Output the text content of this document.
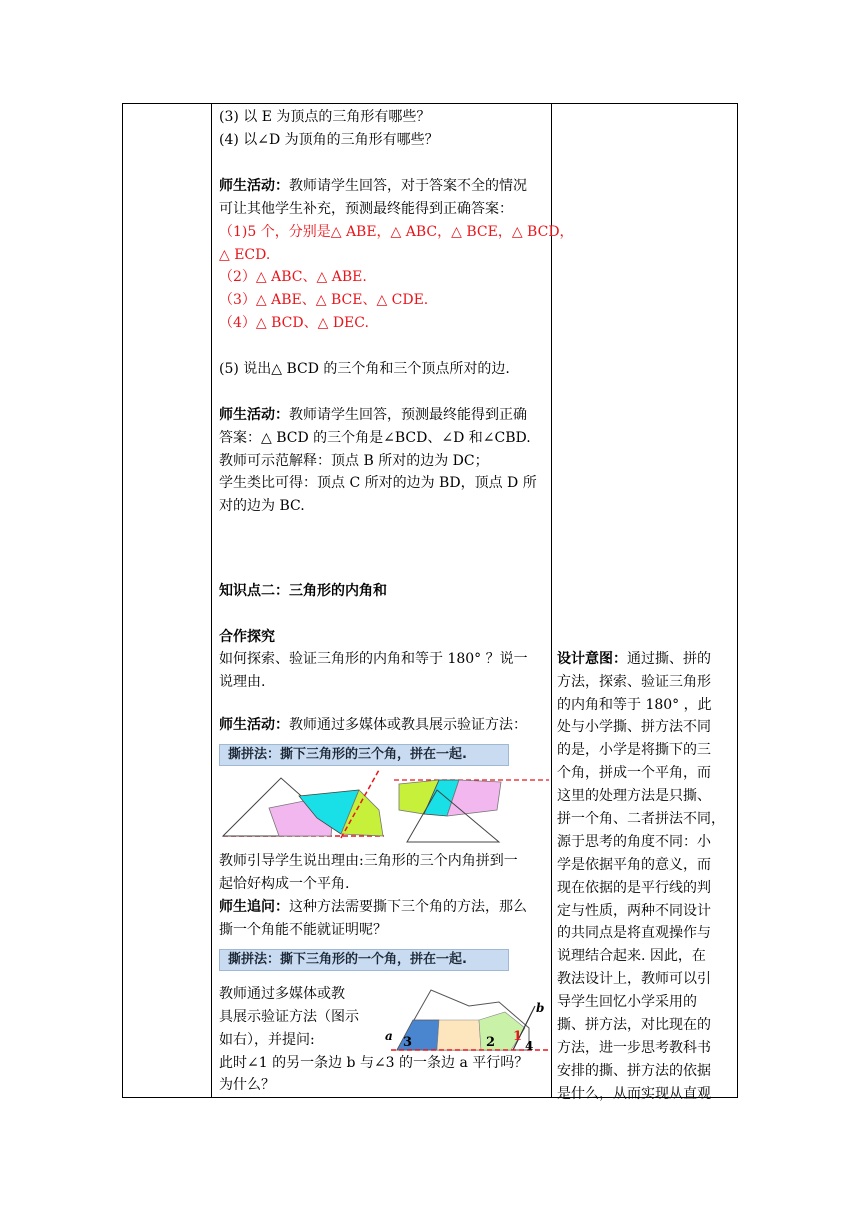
(3) 以 E 为顶点的三角形有哪些？
(4) 以∠D 为顶角的三角形有哪些？
师生活动：教师请学生回答，对于答案不全的情况
可让其他学生补充，预测最终能得到正确答案：
（1)5 个，分别是△ ABE，△ ABC，△ BCE，△ BCD，
△ ECD.
（2）△ ABC、△ ABE.
（3）△ ABE、△ BCE、△ CDE.
（4）△ BCD、△ DEC.
(5) 说出△ BCD 的三个角和三个顶点所对的边.
师生活动：教师请学生回答，预测最终能得到正确
答案：△ BCD 的三个角是∠BCD、∠D 和∠CBD.
教师可示范解释：顶点 B 所对的边为 DC；
学生类比可得：顶点 C 所对的边为 BD，顶点 D 所
对的边为 BC.
知识点二：三角形的内角和
合作探究
如何探索、验证三角形的内角和等于 180° ？说一
说理由.
师生活动：教师通过多媒体或教具展示验证方法：
撕拼法：撕下三角形的三个角，拼在一起.
教师引导学生说出理由:三角形的三个内角拼到一
起恰好构成一个平角.
师生追问：这种方法需要撕下三个角的方法，那么
撕一个角能不能就证明呢？
撕拼法：撕下三角形的一个角，拼在一起.
教师通过多媒体或教
具展示验证方法（图示
如右），并提问:
此时∠1 的另一条边 b 与∠3 的一条边 a 平行吗？
为什么？
a
b
3	2 1
4
设计意图：通过撕、拼的
方法，探索、验证三角形
的内角和等于 180° ，此
处与小学撕、拼方法不同
的是，小学是将撕下的三
个角，拼成一个平角，而
这里的处理方法是只撕、
拼一个角、二者拼法不同，
源于思考的角度不同：小
学是依据平角的意义，而
现在依据的是平行线的判
定与性质，两种不同设计
的共同点是将直观操作与
说理结合起来. 因此，在
教法设计上，教师可以引
导学生回忆小学采用的
撕、拼方法，对比现在的
方法，进一步思考教科书
安排的撕、拼方法的依据
是什么，从而实现从直观
